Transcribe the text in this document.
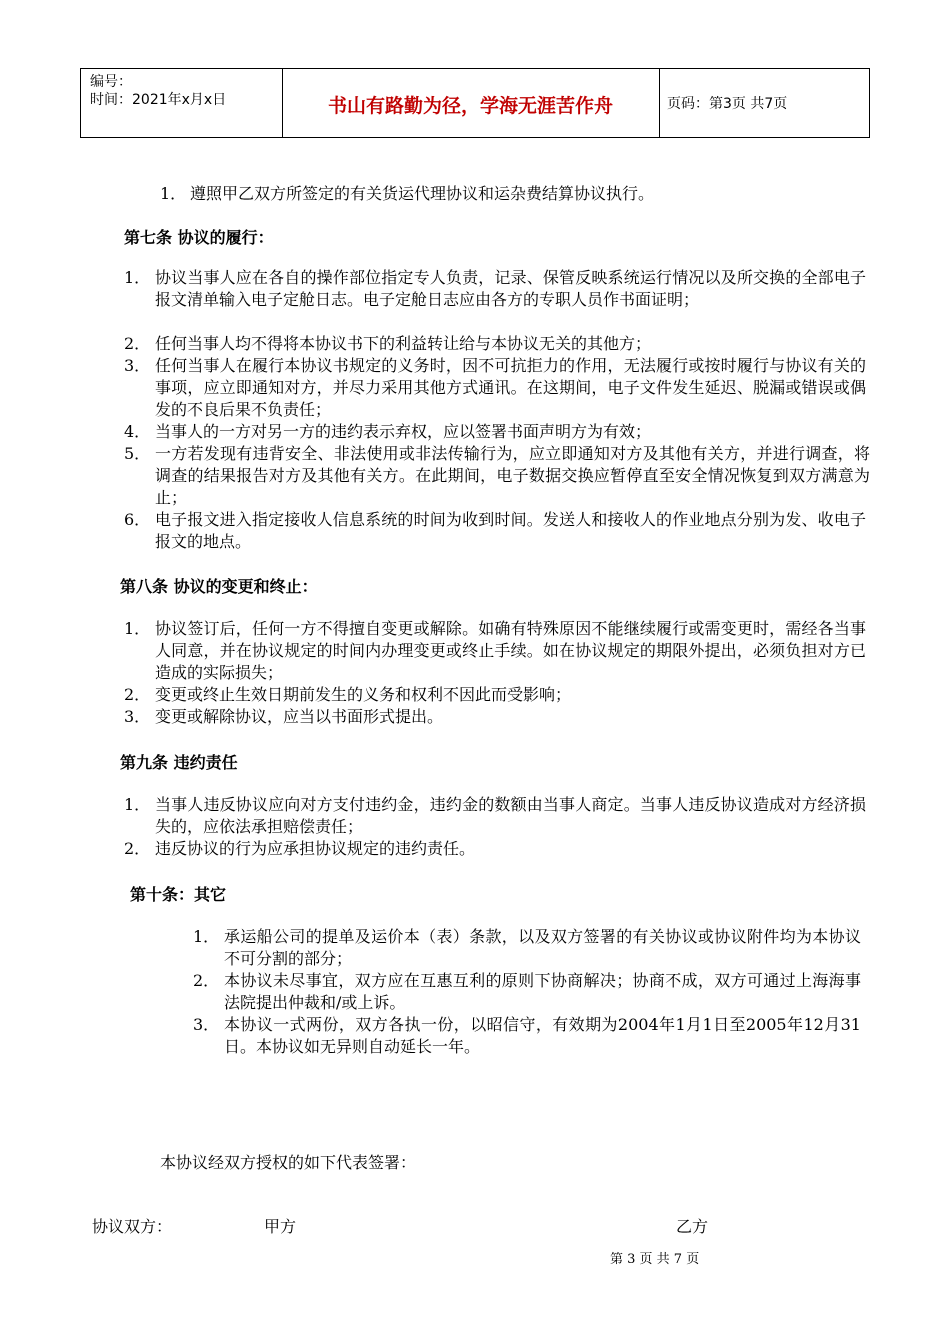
编号：
时间：2021年x月x日	书山有路勤为径，学海无涯苦作舟	页码：第3页 共7页
1． 遵照甲乙双方所签定的有关货运代理协议和运杂费结算协议执行。
第七条 协议的履行：
1． 协议当事人应在各自的操作部位指定专人负责，记录、保管反映系统运行情况以及所交换的全部电子报文清单输入电子定舱日志。电子定舱日志应由各方的专职人员作书面证明；
2． 任何当事人均不得将本协议书下的利益转让给与本协议无关的其他方；
3． 任何当事人在履行本协议书规定的义务时，因不可抗拒力的作用，无法履行或按时履行与协议有关的事项，应立即通知对方，并尽力采用其他方式通讯。在这期间，电子文件发生延迟、脱漏或错误或偶发的不良后果不负责任；
4． 当事人的一方对另一方的违约表示弃权，应以签署书面声明方为有效；
5． 一方若发现有违背安全、非法使用或非法传输行为，应立即通知对方及其他有关方，并进行调查，将调查的结果报告对方及其他有关方。在此期间，电子数据交换应暂停直至安全情况恢复到双方满意为止；
6． 电子报文进入指定接收人信息系统的时间为收到时间。发送人和接收人的作业地点分别为发、收电子报文的地点。
第八条 协议的变更和终止：
1． 协议签订后，任何一方不得擅自变更或解除。如确有特殊原因不能继续履行或需变更时，需经各当事人同意，并在协议规定的时间内办理变更或终止手续。如在协议规定的期限外提出，必须负担对方已造成的实际损失；
2． 变更或终止生效日期前发生的义务和权利不因此而受影响；
3． 变更或解除协议，应当以书面形式提出。
第九条 违约责任
1． 当事人违反协议应向对方支付违约金，违约金的数额由当事人商定。当事人违反协议造成对方经济损失的，应依法承担赔偿责任；
2． 违反协议的行为应承担协议规定的违约责任。
第十条：其它
1． 承运船公司的提单及运价本（表）条款，以及双方签署的有关协议或协议附件均为本协议不可分割的部分；
2． 本协议未尽事宜，双方应在互惠互利的原则下协商解决；协商不成，双方可通过上海海事法院提出仲裁和/或上诉。
3． 本协议一式两份，双方各执一份，以昭信守，有效期为2004年1月1日至2005年12月31日。本协议如无异则自动延长一年。
本协议经双方授权的如下代表签署：
协议双方：	甲方	乙方
第 3 页 共 7 页
